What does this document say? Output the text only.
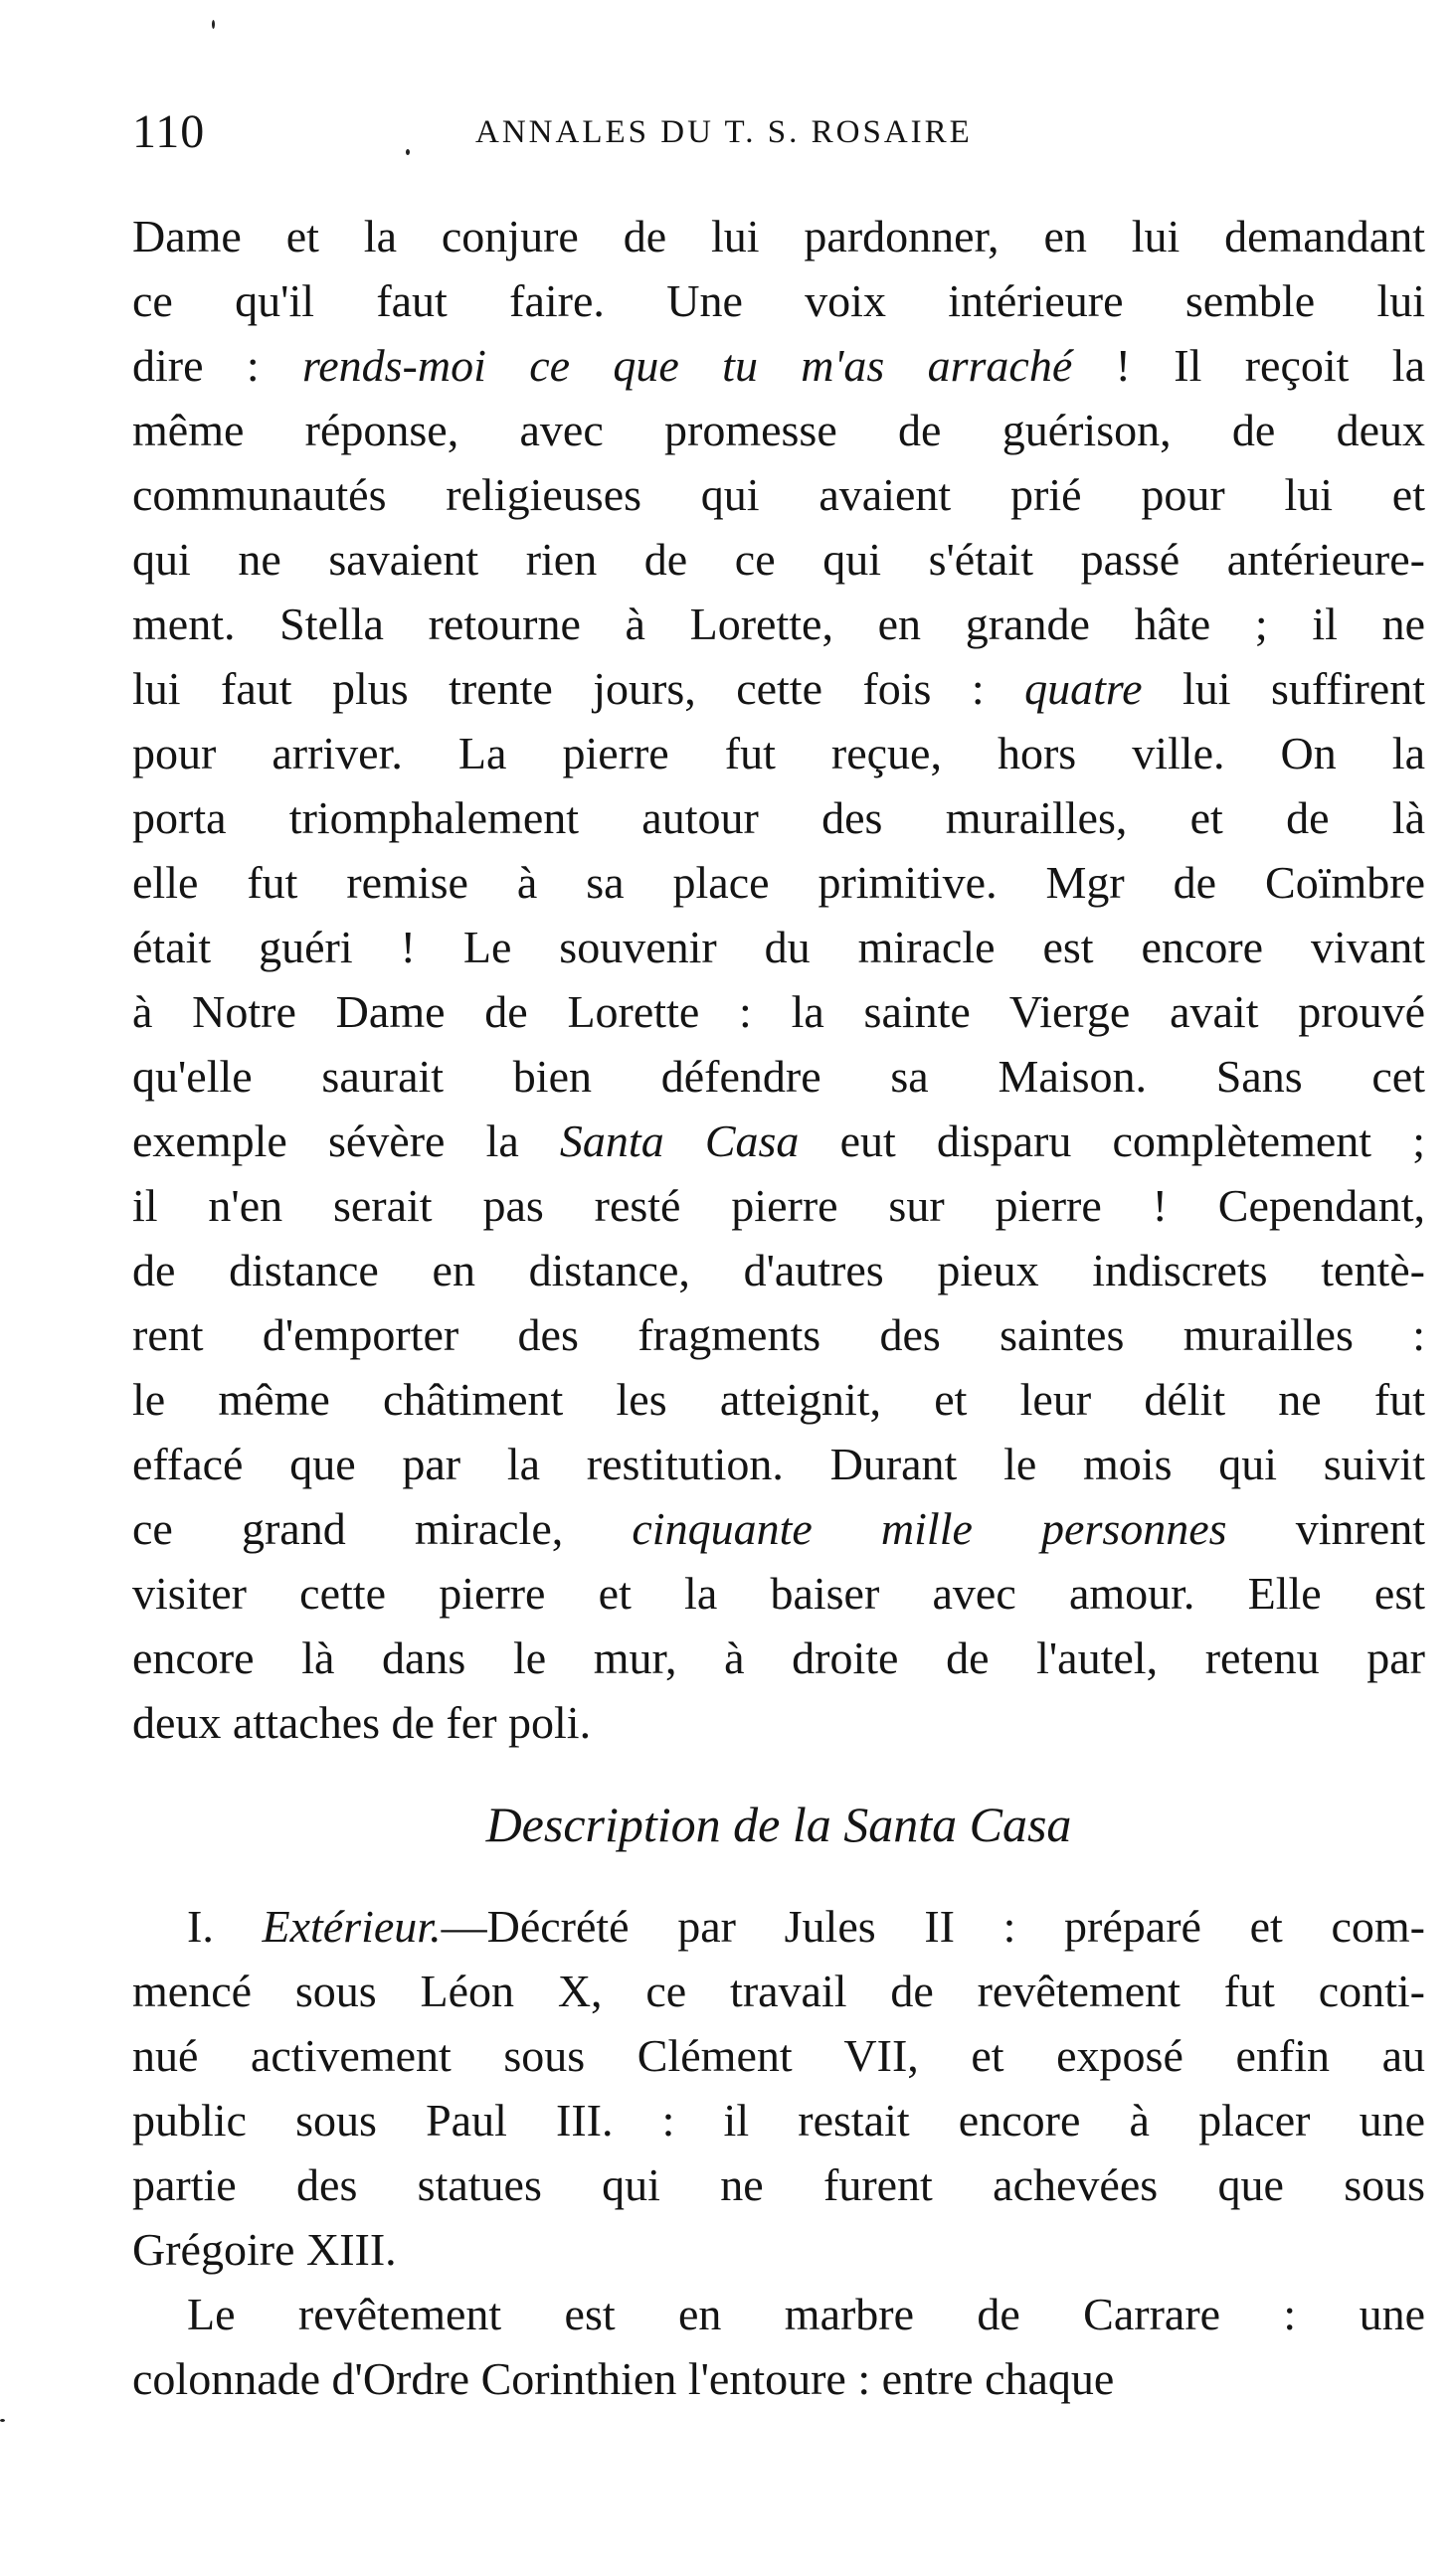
110	ANNALES DU T. S. ROSAIRE
Dame et la conjure de lui pardonner, en lui demandant
ce qu'il faut faire. Une voix intérieure semble lui
dire : rends-moi ce que tu m'as arraché ! Il reçoit la
même réponse, avec promesse de guérison, de deux
communautés religieuses qui avaient prié pour lui et
qui ne savaient rien de ce qui s'était passé antérieure-
ment. Stella retourne à Lorette, en grande hâte ; il ne
lui faut plus trente jours, cette fois : quatre lui suffirent
pour arriver. La pierre fut reçue, hors ville. On la
porta triomphalement autour des murailles, et de là
elle fut remise à sa place primitive. Mgr de Coïmbre
était guéri ! Le souvenir du miracle est encore vivant
à Notre Dame de Lorette : la sainte Vierge avait prouvé
qu'elle saurait bien défendre sa Maison. Sans cet
exemple sévère la Santa Casa eut disparu complètement ;
il n'en serait pas resté pierre sur pierre ! Cependant,
de distance en distance, d'autres pieux indiscrets tentè-
rent d'emporter des fragments des saintes murailles :
le même châtiment les atteignit, et leur délit ne fut
effacé que par la restitution. Durant le mois qui suivit
ce grand miracle, cinquante mille personnes vinrent
visiter cette pierre et la baiser avec amour. Elle est
encore là dans le mur, à droite de l'autel, retenu par
deux attaches de fer poli.
Description de la Santa Casa
I. Extérieur.—Décrété par Jules II : préparé et com-
mencé sous Léon X, ce travail de revêtement fut conti-
nué activement sous Clément VII, et exposé enfin au
public sous Paul III. : il restait encore à placer une
partie des statues qui ne furent achevées que sous
Grégoire XIII.
Le revêtement est en marbre de Carrare : une
colonnade d'Ordre Corinthien l'entoure : entre chaque
